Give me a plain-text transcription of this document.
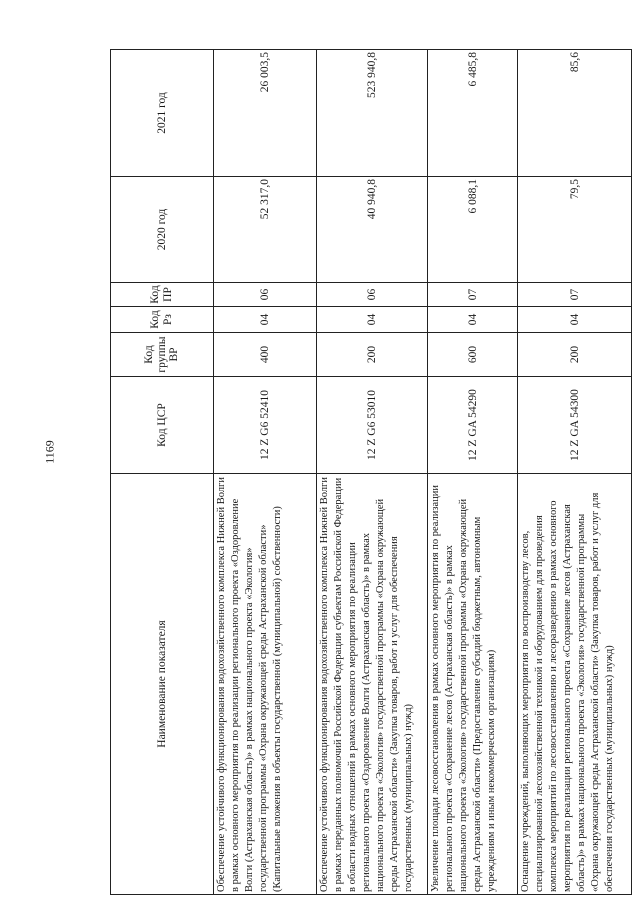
1169
Наименование показателя	Код ЦСР	Код группы ВР	Код Рз	Код ПР	2020 год	2021 год
Обеспечение устойчивого функционирования водохозяйственного комплекса Нижней Волги в рамках основного мероприятия по реализации регионального проекта «Оздоровление Волги (Астраханская область)» в рамках национального проекта «Экология» государственной программы «Охрана окружающей среды Астраханской области» (Капитальные вложения в объекты государственной (муниципальной) собственности)	12 Z G6 52410	400	04	06	52 317,0	26 003,5
Обеспечение устойчивого функционирования водохозяйственного комплекса Нижней Волги в рамках переданных полномочий Российской Федерации субъектам Российской Федерации в области водных отношений в рамках основного мероприятия по реализации регионального проекта «Оздоровление Волги (Астраханская область)» в рамках национального проекта «Экология» государственной программы «Охрана окружающей среды Астраханской области» (Закупка товаров, работ и услуг для обеспечения государственных (муниципальных) нужд)	12 Z G6 53010	200	04	06	40 940,8	523 940,8
Увеличение площади лесовосстановления в рамках основного мероприятия по реализации регионального проекта «Сохранение лесов (Астраханская область)» в рамках национального проекта «Экология» государственной программы «Охрана окружающей среды Астраханской области» (Предоставление субсидий бюджетным, автономным учреждениям и иным некоммерческим организациям)	12 Z GA 54290	600	04	07	6 088,1	6 485,8
Оснащение учреждений, выполняющих мероприятия по воспроизводству лесов, специализированной лесохозяйственной техникой и оборудованием для проведения комплекса мероприятий по лесовосстановлению и лесоразведению в рамках основного мероприятия по реализации регионального проекта «Сохранение лесов (Астраханская область)» в рамках национального проекта «Экология» государственной программы «Охрана окружающей среды Астраханской области» (Закупка товаров, работ и услуг для обеспечения государственных (муниципальных) нужд)	12 Z GA 54300	200	04	07	79,5	85,6
